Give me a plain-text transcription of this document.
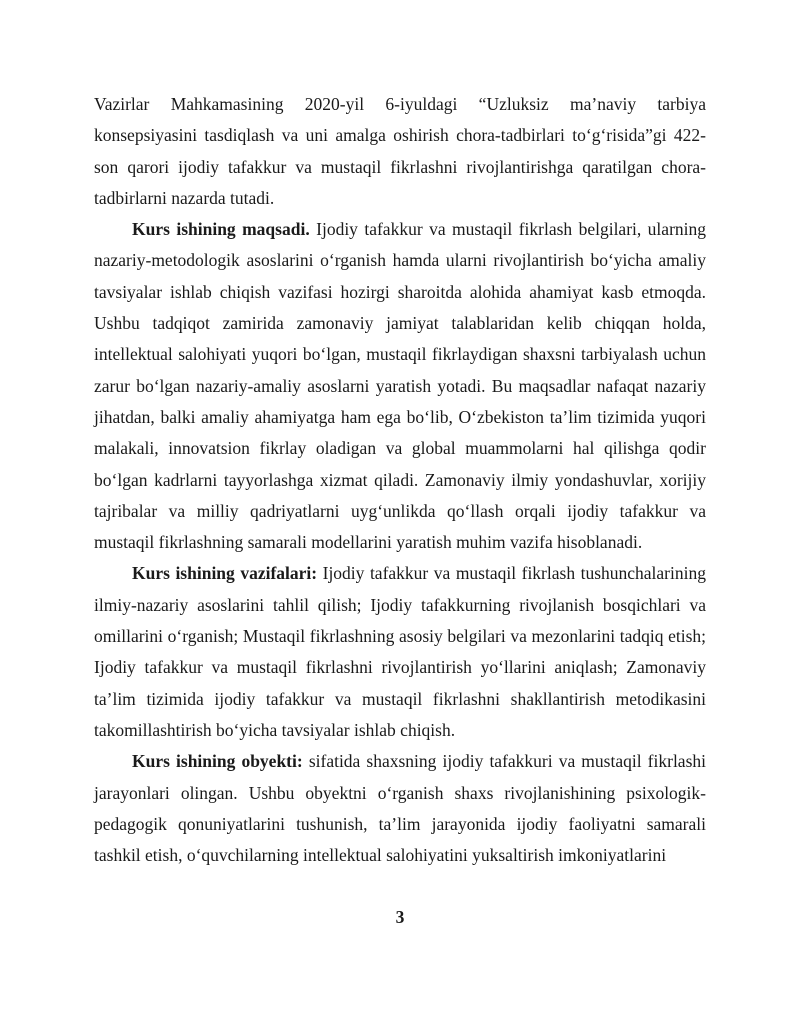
Vazirlar Mahkamasining 2020-yil 6-iyuldagi “Uzluksiz ma’naviy tarbiya konsepsiyasini tasdiqlash va uni amalga oshirish chora-tadbirlari to‘g‘risida”gi 422-son qarori ijodiy tafakkur va mustaqil fikrlashni rivojlantirishga qaratilgan chora-tadbirlarni nazarda tutadi.

Kurs ishining maqsadi. Ijodiy tafakkur va mustaqil fikrlash belgilari, ularning nazariy-metodologik asoslarini o‘rganish hamda ularni rivojlantirish bo‘yicha amaliy tavsiyalar ishlab chiqish vazifasi hozirgi sharoitda alohida ahamiyat kasb etmoqda. Ushbu tadqiqot zamirida zamonaviy jamiyat talablaridan kelib chiqqan holda, intellektual salohiyati yuqori bo‘lgan, mustaqil fikrlaydigan shaxsni tarbiyalash uchun zarur bo‘lgan nazariy-amaliy asoslarni yaratish yotadi. Bu maqsadlar nafaqat nazariy jihatdan, balki amaliy ahamiyatga ham ega bo‘lib, O‘zbekiston ta’lim tizimida yuqori malakali, innovatsion fikrlay oladigan va global muammolarni hal qilishga qodir bo‘lgan kadrlarni tayyorlashga xizmat qiladi. Zamonaviy ilmiy yondashuvlar, xorijiy tajribalar va milliy qadriyatlarni uyg‘unlikda qo‘llash orqali ijodiy tafakkur va mustaqil fikrlashning samarali modellarini yaratish muhim vazifa hisoblanadi.

Kurs ishining vazifalari: Ijodiy tafakkur va mustaqil fikrlash tushunchalarining ilmiy-nazariy asoslarini tahlil qilish; Ijodiy tafakkurning rivojlanish bosqichlari va omillarini o‘rganish; Mustaqil fikrlashning asosiy belgilari va mezonlarini tadqiq etish; Ijodiy tafakkur va mustaqil fikrlashni rivojlantirish yo‘llarini aniqlash; Zamonaviy ta’lim tizimida ijodiy tafakkur va mustaqil fikrlashni shakllantirish metodikasini takomillashtirish bo‘yicha tavsiyalar ishlab chiqish.

Kurs ishining obyekti: sifatida shaxsning ijodiy tafakkuri va mustaqil fikrlashi jarayonlari olingan. Ushbu obyektni o‘rganish shaxs rivojlanishining psixologik-pedagogik qonuniyatlarini tushunish, ta’lim jarayonida ijodiy faoliyatni samarali tashkil etish, o‘quvchilarning intellektual salohiyatini yuksaltirish imkoniyatlarini

3
